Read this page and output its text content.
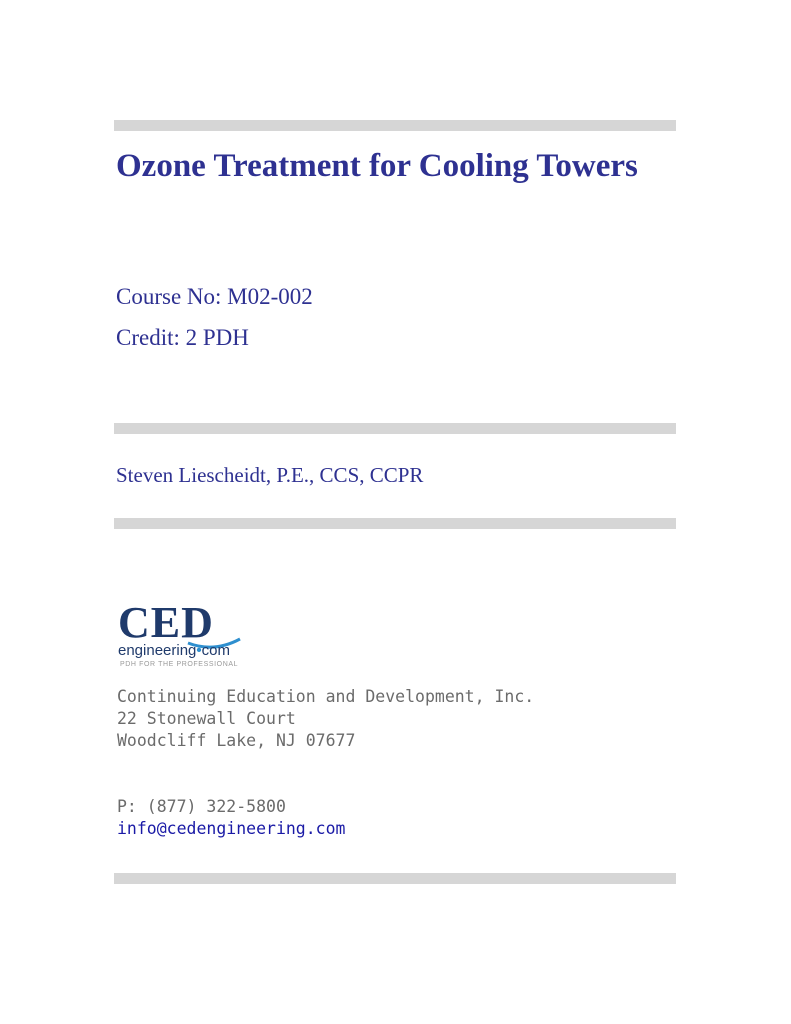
Ozone Treatment for Cooling Towers
Course No: M02-002
Credit: 2 PDH
Steven Liescheidt, P.E., CCS, CCPR
CED
engineering•com
PDH FOR THE PROFESSIONAL
Continuing Education and Development, Inc.
22 Stonewall Court
Woodcliff Lake, NJ 07677
P: (877) 322-5800
info@cedengineering.com
